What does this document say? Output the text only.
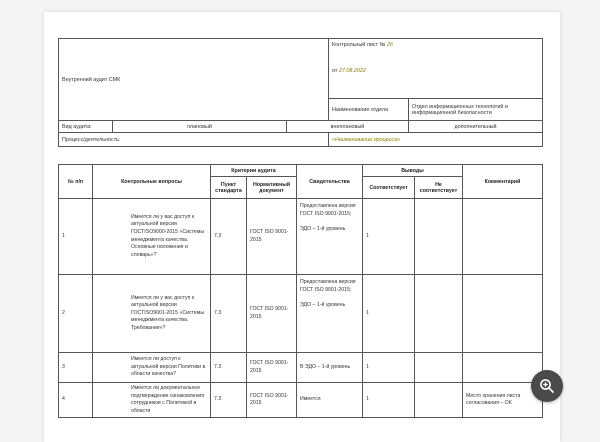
Внутренний аудит СМК			Контрольный лист № 26
от 27.08.2022	

			Наименование отдела	Отдел информационных технологий и информационной безопасности
Вид аудита:	плановый	внеплановый		дополнительный
Процесс/деятельность:			«Наименование процесса»	
№ п/п	Контрольные вопросы	Критерии аудита		Свидетельства	Выводы		Комментарий
		Пункт стандарта	Нормативный документ		Соответствует	Не соответствует	
1	Имеется ли у вас доступ к актуальной версии ГОСТISO9000-2015 «Системы менеджмента качества. Основные положения и словарь»?	7.3	ГОСТ ISO 9001-2015	Предоставлена версия ГОСТ ISO 9001-2015;

ЭДО – 1-й уровень	1		
2	Имеется ли у вас доступ к актуальной версии ГОСТISO9001-2015 «Системы менеджмента качества. Требования»?	7.3	ГОСТ ISO 9001-2015	Предоставлена версия ГОСТ ISO 9001-2015;

ЭДО – 1-й уровень	1		
3	Имеется ли доступ к актуальной версии Политики в области качества?	7.3	ГОСТ ISO 9001-2015	В ЭДО – 1-й уровень	1		
4	Имеется ли документальное подтверждение ознакомления сотрудников с Политикой в области	7.3	ГОСТ ISO 9001-2015	Имеется	1		Место хранения листа согласования – ОК
